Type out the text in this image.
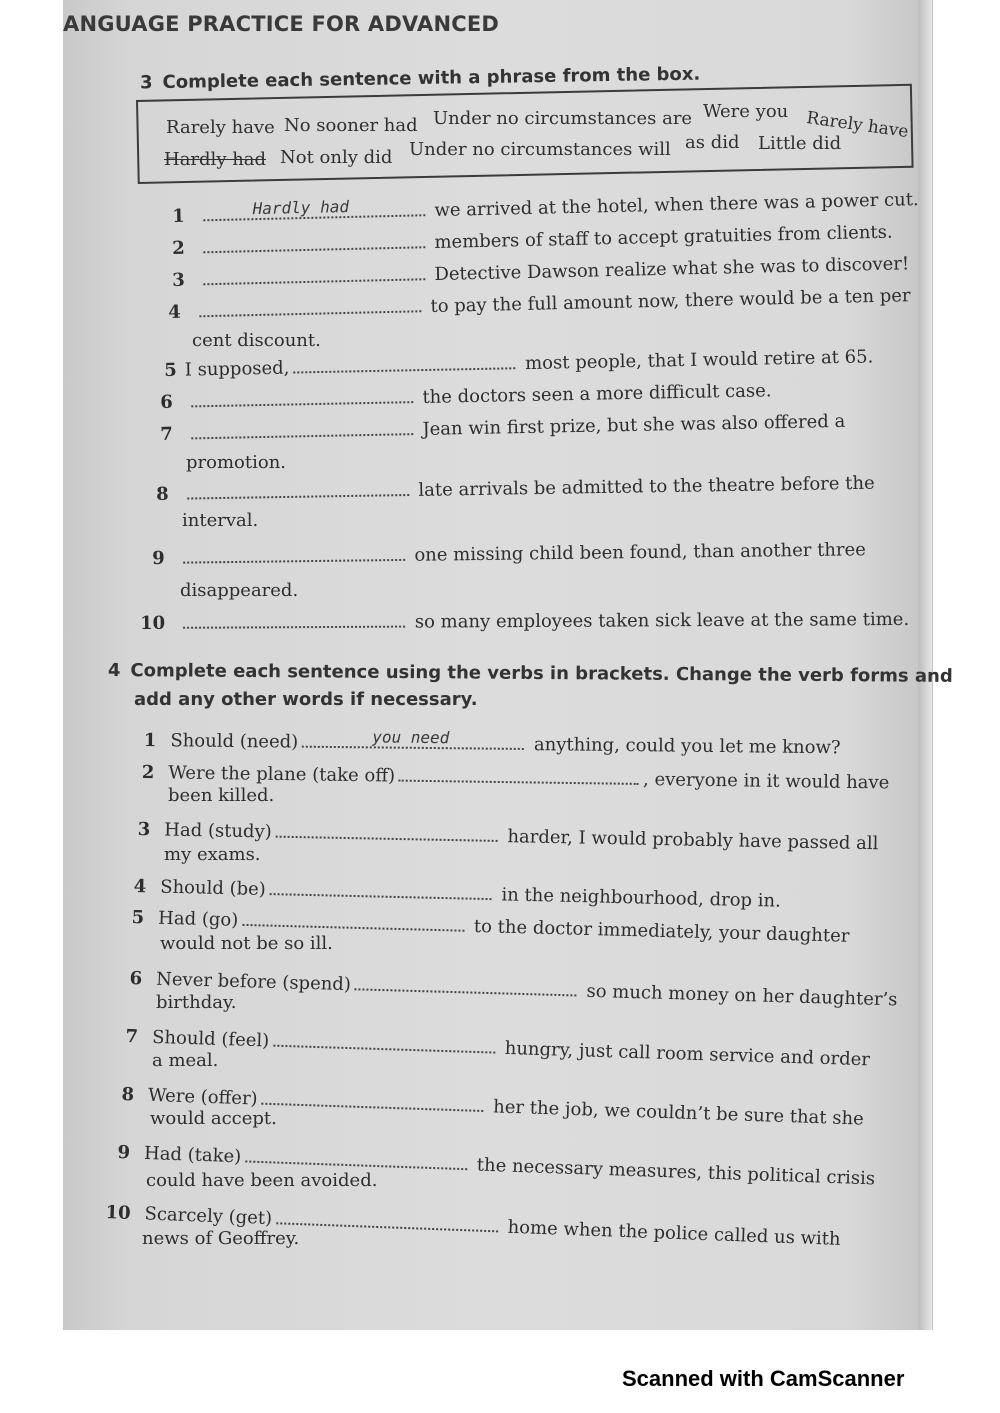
ANGUAGE PRACTICE FOR ADVANCED
3 Complete each sentence with a phrase from the box.
Rarely have No sooner had Under no circumstances are Were you Rarely have
Hardly had Not only did Under no circumstances will as did Little did
1	Hardly had	we arrived at the hotel, when there was a power cut.
2	members of staff to accept gratuities from clients.
3	Detective Dawson realize what she was to discover!
4	to pay the full amount now, there would be a ten per
cent discount.
5 I supposed,	most people, that I would retire at 65.
6	the doctors seen a more difficult case.
7	Jean win first prize, but she was also offered a
promotion.
8	late arrivals be admitted to the theatre before the
interval.
9	one missing child been found, than another three
disappeared.
10	so many employees taken sick leave at the same time.
4 Complete each sentence using the verbs in brackets. Change the verb forms and
add any other words if necessary.
1 Should (need)	you need	anything, could you let me know?
2 Were the plane (take off)	, everyone in it would have
been killed.
3 Had (study)	harder, I would probably have passed all
my exams.
4 Should (be)	in the neighbourhood, drop in.
5 Had (go)	to the doctor immediately, your daughter
would not be so ill.
6 Never before (spend)	so much money on her daughter’s
birthday.
7 Should (feel)	hungry, just call room service and order
a meal.
8 Were (offer)	her the job, we couldn’t be sure that she
would accept.
9 Had (take)	the necessary measures, this political crisis
could have been avoided.
10 Scarcely (get) home when the police called us with
news of Geoffrey.
Scanned with CamScanner
